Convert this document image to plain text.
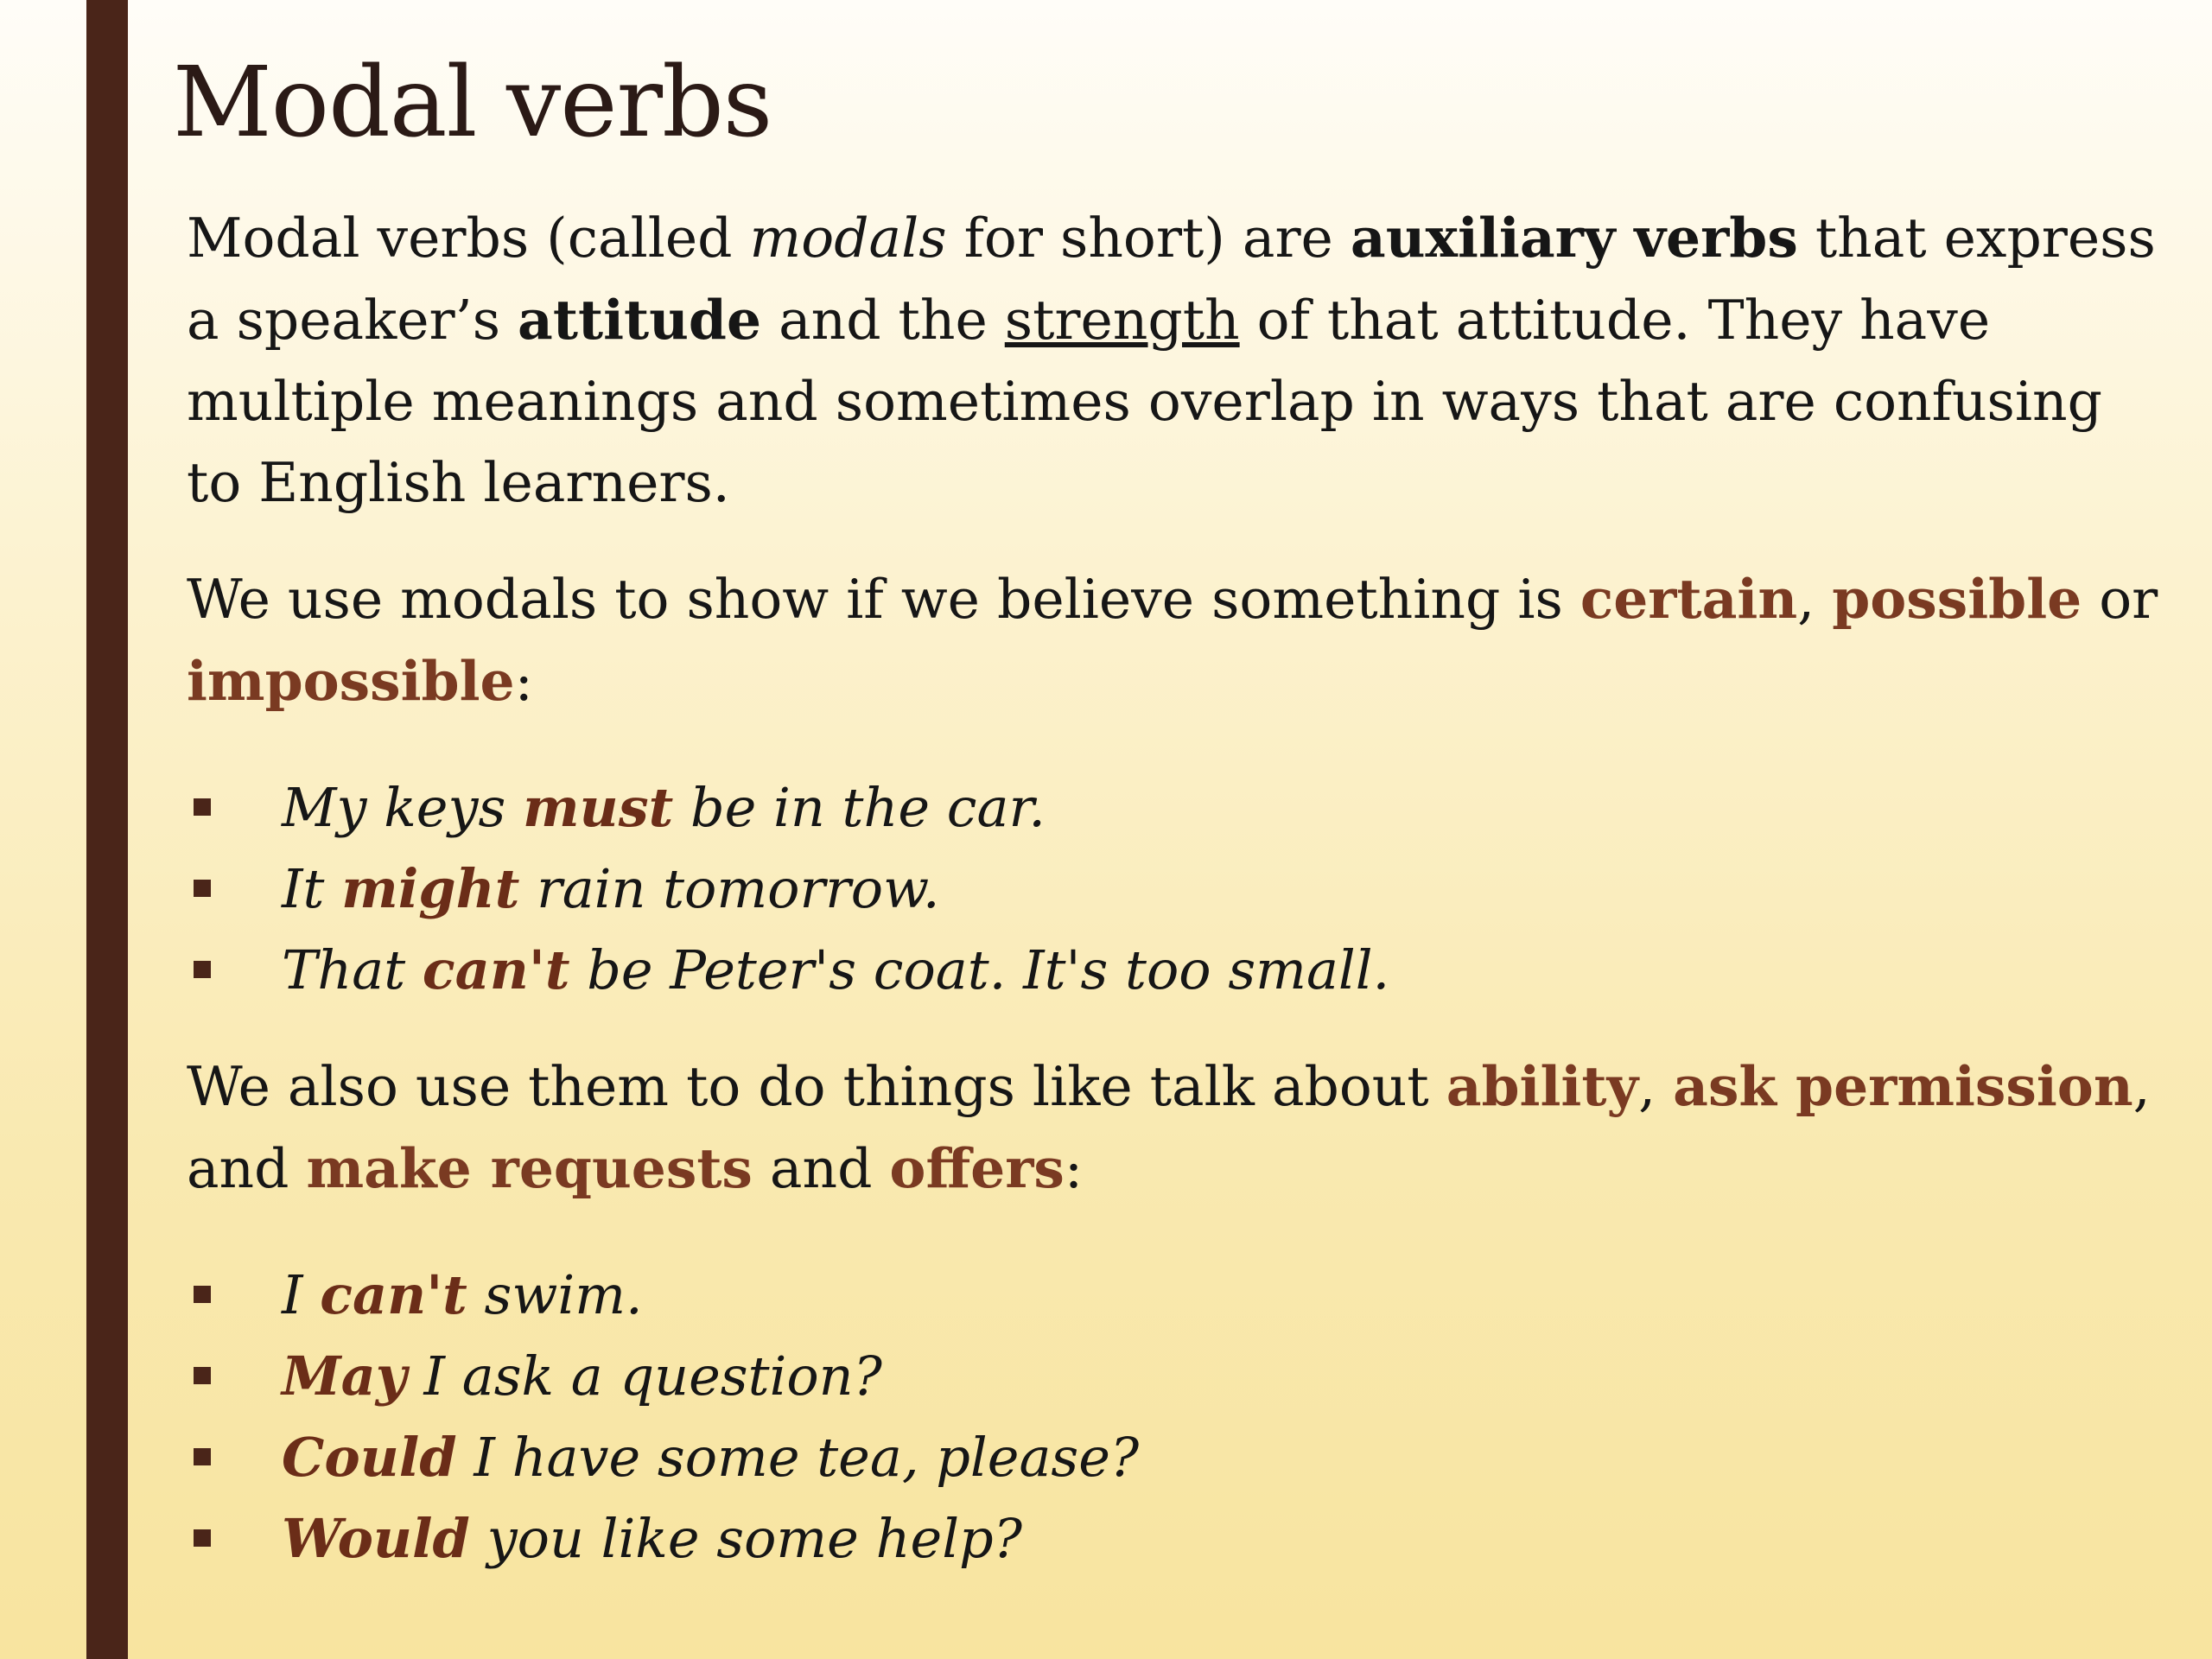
Modal verbs

Modal verbs (called modals for short) are auxiliary verbs that express a speaker’s attitude and the strength of that attitude. They have multiple meanings and sometimes overlap in ways that are confusing to English learners.

We use modals to show if we believe something is certain, possible or impossible:

My keys must be in the car.
It might rain tomorrow.
That can't be Peter's coat. It's too small.

We also use them to do things like talk about ability, ask permission, and make requests and offers:

I can't swim.
May I ask a question?
Could I have some tea, please?
Would you like some help?
